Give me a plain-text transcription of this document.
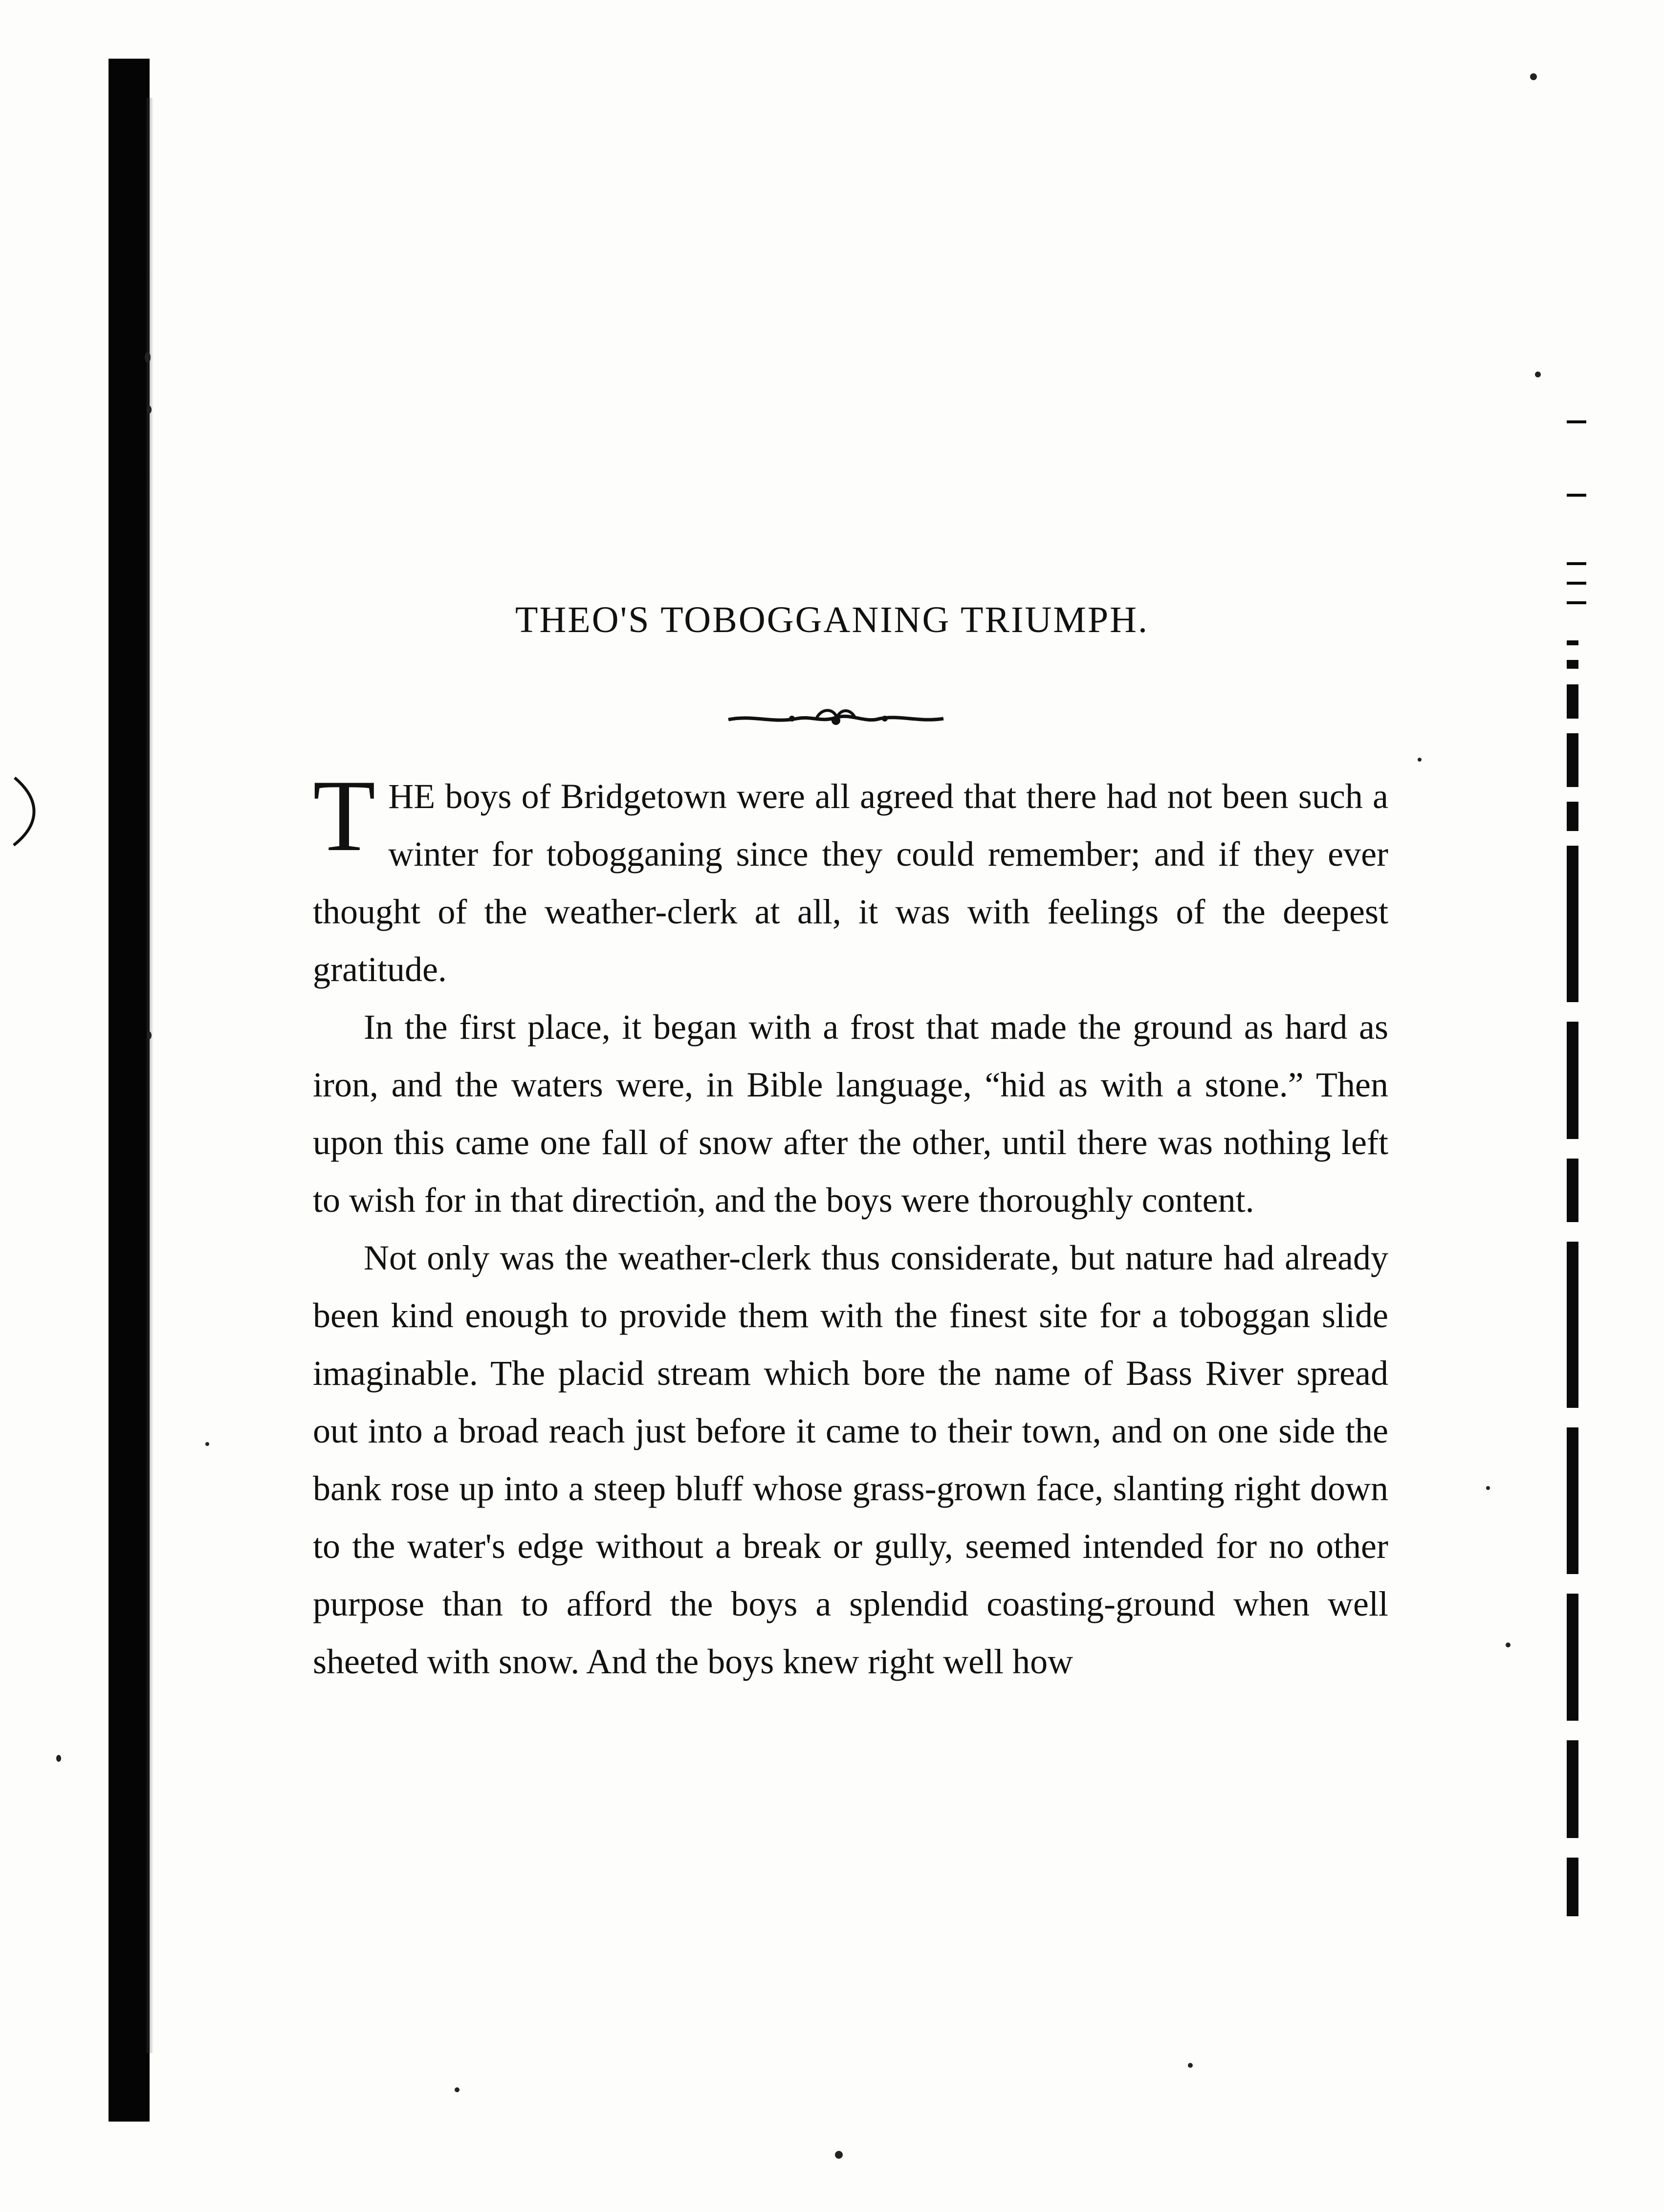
THEO'S TOBOGGANING TRIUMPH.

THE boys of Bridgetown were all agreed that there had not been such a winter for tobogganing since they could remember; and if they ever thought of the weather-clerk at all, it was with feelings of the deepest gratitude.

In the first place, it began with a frost that made the ground as hard as iron, and the waters were, in Bible language, “hid as with a stone.” Then upon this came one fall of snow after the other, until there was nothing left to wish for in that direction, and the boys were thoroughly content.

Not only was the weather-clerk thus considerate, but nature had already been kind enough to provide them with the finest site for a toboggan slide imaginable. The placid stream which bore the name of Bass River spread out into a broad reach just before it came to their town, and on one side the bank rose up into a steep bluff whose grass-grown face, slanting right down to the water's edge without a break or gully, seemed intended for no other purpose than to afford the boys a splendid coasting-ground when well sheeted with snow. And the boys knew right well how
